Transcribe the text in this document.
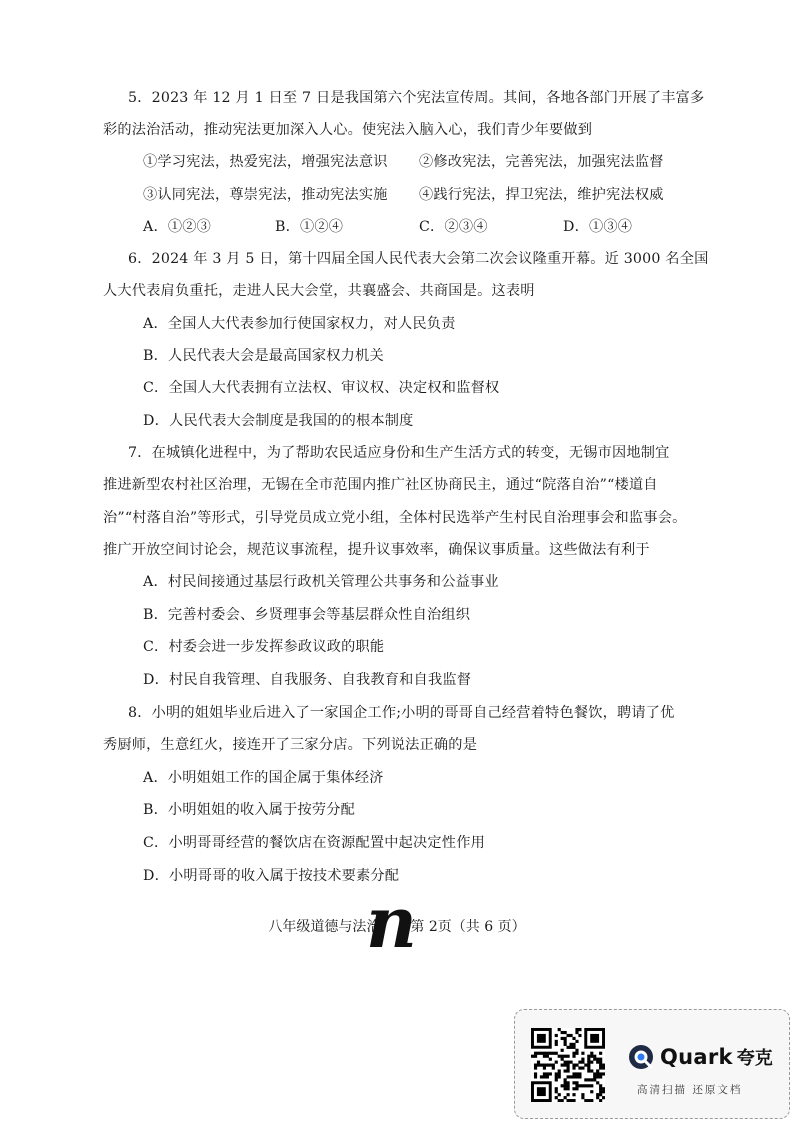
5．2023 年 12 月 1 日至 7 日是我国第六个宪法宣传周。其间，各地各部门开展了丰富多
彩的法治活动，推动宪法更加深入人心。使宪法入脑入心，我们青少年要做到
①学习宪法，热爱宪法，增强宪法意识 ②修改宪法，完善宪法，加强宪法监督
③认同宪法，尊崇宪法，推动宪法实施 ④践行宪法，捍卫宪法，维护宪法权威
A．①②③	B．①②④	C．②③④	D．①③④
6．2024 年 3 月 5 日，第十四届全国人民代表大会第二次会议隆重开幕。近 3000 名全国
人大代表肩负重托，走进人民大会堂，共襄盛会、共商国是。这表明
A．全国人大代表参加行使国家权力，对人民负责
B．人民代表大会是最高国家权力机关
C．全国人大代表拥有立法权、审议权、决定权和监督权
D．人民代表大会制度是我国的的根本制度
7．在城镇化进程中，为了帮助农民适应身份和生产生活方式的转变，无锡市因地制宜
推进新型农村社区治理，无锡在全市范围内推广社区协商民主，通过“院落自治”“楼道自
治”“村落自治”等形式，引导党员成立党小组，全体村民选举产生村民自治理事会和监事会。
推广开放空间讨论会，规范议事流程，提升议事效率，确保议事质量。这些做法有利于
A．村民间接通过基层行政机关管理公共事务和公益事业
B．完善村委会、乡贤理事会等基层群众性自治组织
C．村委会进一步发挥参政议政的职能
D．村民自我管理、自我服务、自我教育和自我监督
8．小明的姐姐毕业后进入了一家国企工作;小明的哥哥自己经营着特色餐饮，聘请了优
秀厨师，生意红火，接连开了三家分店。下列说法正确的是
A．小明姐姐工作的国企属于集体经济
B．小明姐姐的收入属于按劳分配
C．小明哥哥经营的餐饮店在资源配置中起决定性作用
D．小明哥哥的收入属于按技术要素分配
八年级道德与法治 第 2页（共 6 页）
n
Quark 夸克
高清扫描 还原文档
